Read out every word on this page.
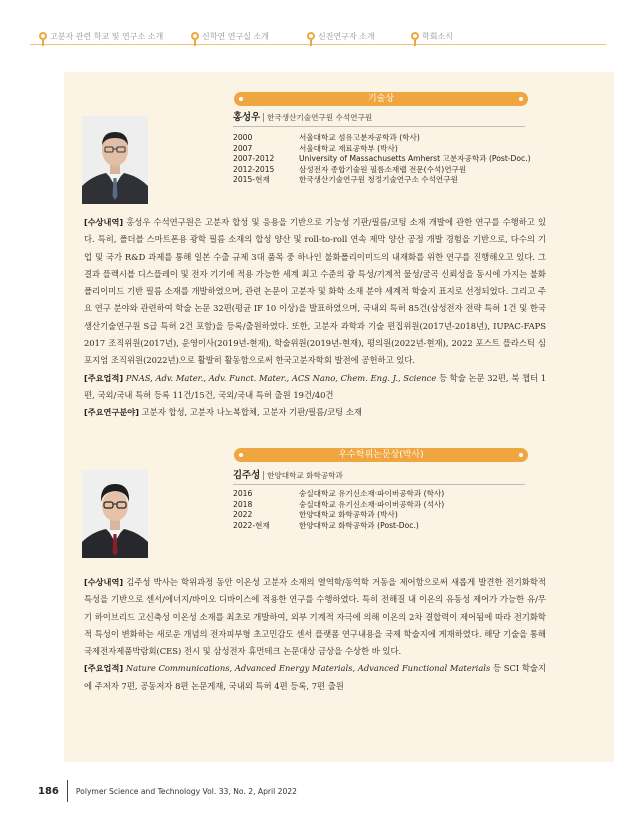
고분자 관련 학교 및 연구소 소개	신학연 연구실 소개	신진연구자 소개	학회소식
기술상
홍성우 | 한국생산기술연구원 수석연구원
2000	서울대학교 섬유고분자공학과 (학사)
2007	서울대학교 재료공학부 (박사)
2007-2012	University of Massachusetts Amherst 고분자공학과 (Post-Doc.)
2012-2015	삼성전자 종합기술원 필름소재랩 전문(수석)연구원
2015-현재	한국생산기술연구원 청정기술연구소 수석연구원

[수상내역] 홍성우 수석연구원은 고분자 합성 및 응용을 기반으로 기능성 기판/필름/코팅 소재 개발에 관한 연구를 수행하고 있다. 특히, 폴더블 스마트폰용 광학 필름 소재의 합성 양산 및 roll-to-roll 연속 제막 양산 공정 개발 경험을 기반으로, 다수의 기업 및 국가 R&D 과제를 통해 일본 수출 규제 3대 품목 중 하나인 불화폴리이미드의 내재화를 위한 연구를 진행해오고 있다. 그 결과 플렉시블 디스플레이 및 전자 기기에 적용 가능한 세계 최고 수준의 광 특성/기계적 물성/굴곡 신뢰성을 동시에 가지는 불화폴리이미드 기반 필름 소재를 개발하였으며, 관련 논문이 고분자 및 화학 소재 분야 세계적 학술지 표지로 선정되었다. 그리고 주요 연구 분야와 관련하여 학술 논문 32편(평균 IF 10 이상)을 발표하였으며, 국내외 특허 85건(삼성전자 전략 특허 1건 및 한국생산기술연구원 S급 특허 2건 포함)을 등록/출원하였다. 또한, 고분자 과학과 기술 편집위원(2017년-2018년), IUPAC-FAPS 2017 조직위원(2017년), 운영이사(2019년-현재), 학술위원(2019년-현재), 평의원(2022년-현재), 2022 포스트 플라스틱 심포지엄 조직위원(2022년)으로 활발히 활동함으로써 한국고분자학회 발전에 공헌하고 있다.

[주요업적] PNAS, Adv. Mater., Adv. Funct. Mater., ACS Nano, Chem. Eng. J., Science 등 학술 논문 32편, 북 챕터 1편, 국외/국내 특허 등록 11건/15건, 국외/국내 특허 출원 19건/40건

[주요연구분야] 고분자 합성, 고분자 나노복합체, 고분자 기판/필름/코팅 소재

우수학위논문상(박사)
김주성 | 한양대학교 화학공학과
2016	숭실대학교 유기신소재·파이버공학과 (학사)
2018	숭실대학교 유기신소재·파이버공학과 (석사)
2022	한양대학교 화학공학과 (박사)
2022-현재	한양대학교 화학공학과 (Post-Doc.)

[수상내역] 김주성 박사는 학위과정 동안 이온성 고분자 소재의 열역학/동역학 거동을 제어함으로써 새롭게 발견한 전기화학적 특성을 기반으로 센서/에너지/바이오 디바이스에 적용한 연구를 수행하였다. 특히 전해질 내 이온의 유동성 제어가 가능한 유/무기 하이브리드 고신축성 이온성 소재를 최초로 개발하여, 외부 기계적 자극에 의해 이온의 2차 결합력이 제어됨에 따라 전기화학적 특성이 변화하는 새로운 개념의 전자피부형 초고민감도 센서 플랫폼 연구내용을 국제 학술지에 게재하였다. 해당 기술을 통해 국제전자제품박람회(CES) 전시 및 삼성전자 휴먼테크 논문대상 금상을 수상한 바 있다.

[주요업적] Nature Communications, Advanced Energy Materials, Advanced Functional Materials 등 SCI 학술지에 주저자 7편, 공동저자 8편 논문게재, 국내외 특허 4편 등록, 7편 출원

186 Polymer Science and Technology Vol. 33, No. 2, April 2022
